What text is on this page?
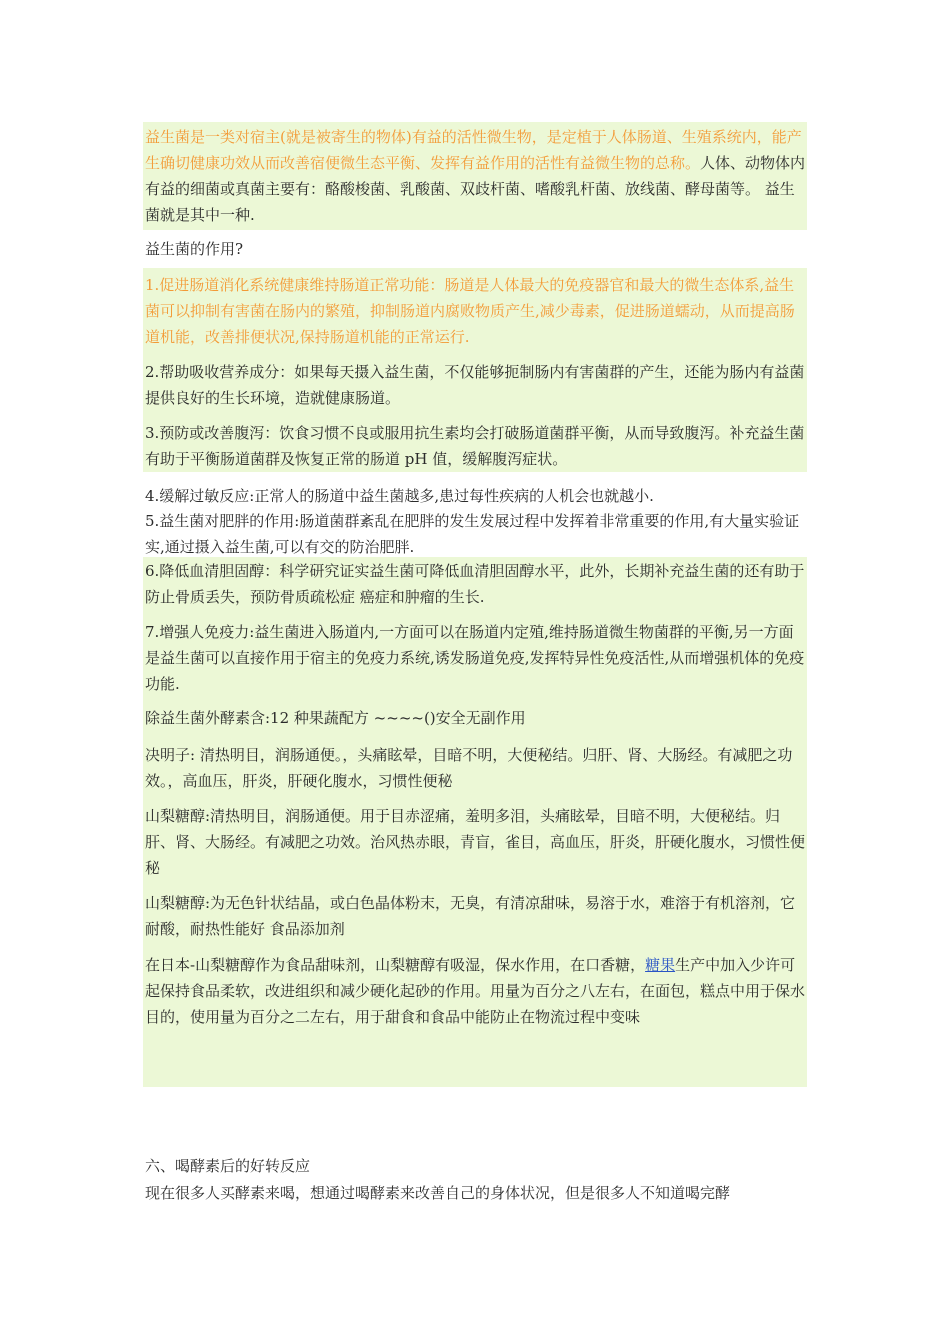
益生菌是一类对宿主(就是被寄生的物体)有益的活性微生物，是定植于人体肠道、生殖系统内，能产生确切健康功效从而改善宿便微生态平衡、发挥有益作用的活性有益微生物的总称。人体、动物体内有益的细菌或真菌主要有：酪酸梭菌、乳酸菌、双歧杆菌、嗜酸乳杆菌、放线菌、酵母菌等。 益生菌就是其中一种.

益生菌的作用?

1.促进肠道消化系统健康维持肠道正常功能：肠道是人体最大的免疫器官和最大的微生态体系,益生菌可以抑制有害菌在肠内的繁殖，抑制肠道内腐败物质产生,减少毒素，促进肠道蠕动，从而提高肠道机能，改善排便状况,保持肠道机能的正常运行.

2.帮助吸收营养成分：如果每天摄入益生菌，不仅能够扼制肠内有害菌群的产生，还能为肠内有益菌提供良好的生长环境，造就健康肠道。

3.预防或改善腹泻：饮食习惯不良或服用抗生素均会打破肠道菌群平衡，从而导致腹泻。补充益生菌有助于平衡肠道菌群及恢复正常的肠道 pH 值，缓解腹泻症状。

4.缓解过敏反应:正常人的肠道中益生菌越多,患过每性疾病的人机会也就越小.

5.益生菌对肥胖的作用:肠道菌群紊乱在肥胖的发生发展过程中发挥着非常重要的作用,有大量实验证实,通过摄入益生菌,可以有交的防治肥胖.

6.降低血清胆固醇：科学研究证实益生菌可降低血清胆固醇水平，此外，长期补充益生菌的还有助于防止骨质丢失，预防骨质疏松症 癌症和肿瘤的生长.

7.增强人免疫力:益生菌进入肠道内,一方面可以在肠道内定殖,维持肠道微生物菌群的平衡,另一方面是益生菌可以直接作用于宿主的免疫力系统,诱发肠道免疫,发挥特异性免疫活性,从而增强机体的免疫功能.

除益生菌外酵素含:12 种果蔬配方 ~~~~()安全无副作用

决明子: 清热明目，润肠通便。，头痛眩晕，目暗不明，大便秘结。归肝、肾、大肠经。有减肥之功效。，高血压，肝炎，肝硬化腹水，习惯性便秘

山梨糖醇:清热明目，润肠通便。用于目赤涩痛，羞明多泪，头痛眩晕，目暗不明，大便秘结。归肝、肾、大肠经。有减肥之功效。治风热赤眼，青盲，雀目，高血压，肝炎，肝硬化腹水，习惯性便秘

山梨糖醇:为无色针状结晶，或白色晶体粉末，无臭，有清凉甜味，易溶于水，难溶于有机溶剂，它耐酸，耐热性能好 食品添加剂

在日本-山梨糖醇作为食品甜味剂，山梨糖醇有吸湿，保水作用，在口香糖，糖果生产中加入少许可起保持食品柔软，改进组织和减少硬化起砂的作用。用量为百分之八左右，在面包，糕点中用于保水目的，使用量为百分之二左右，用于甜食和食品中能防止在物流过程中变味

六、喝酵素后的好转反应

现在很多人买酵素来喝，想通过喝酵素来改善自己的身体状况，但是很多人不知道喝完酵
